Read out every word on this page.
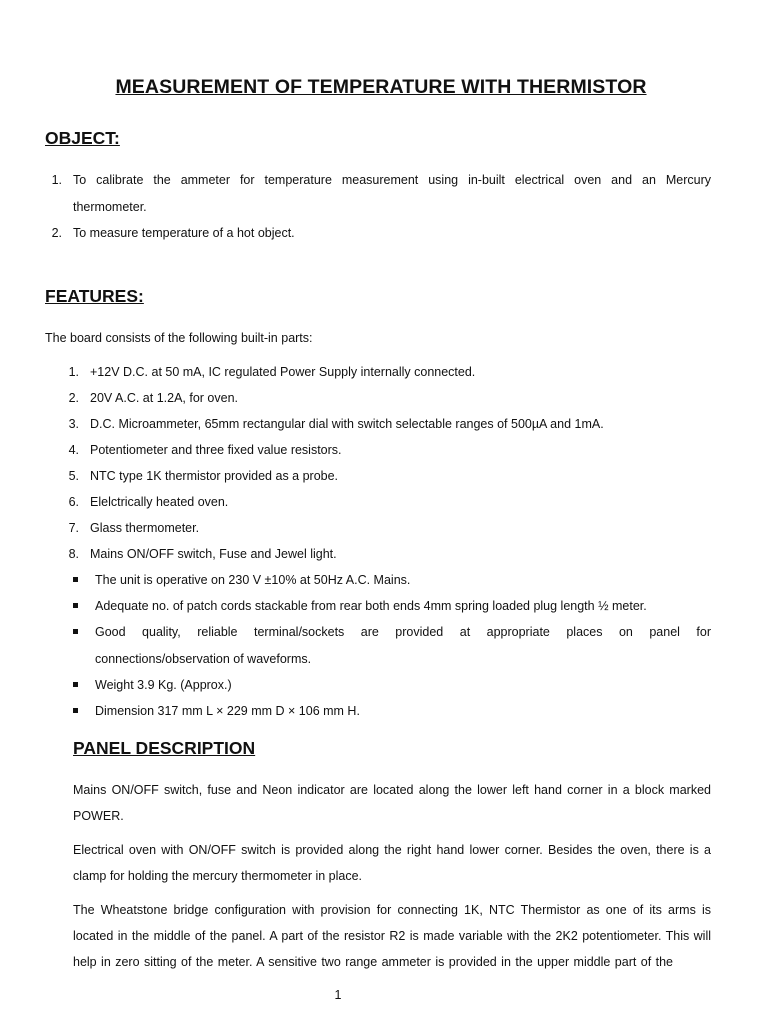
MEASUREMENT OF TEMPERATURE WITH THERMISTOR
OBJECT:
1. To calibrate the ammeter for temperature measurement using in-built electrical oven and an Mercury
thermometer.
2. To measure temperature of a hot object.
FEATURES:
The board consists of the following built-in parts:
1. +12V D.C. at 50 mA, IC regulated Power Supply internally connected.
2. 20V A.C. at 1.2A, for oven.
3. D.C. Microammeter, 65mm rectangular dial with switch selectable ranges of 500µA and 1mA.
4. Potentiometer and three fixed value resistors.
5. NTC type 1K thermistor provided as a probe.
6. Elelctrically heated oven.
7. Glass thermometer.
8. Mains ON/OFF switch, Fuse and Jewel light.
The unit is operative on 230 V ±10% at 50Hz A.C. Mains.
Adequate no. of patch cords stackable from rear both ends 4mm spring loaded plug length ½ meter.
Good quality, reliable terminal/sockets are provided at appropriate places on panel for
connections/observation of waveforms.
Weight 3.9 Kg. (Approx.)
Dimension 317 mm L × 229 mm D × 106 mm H.
PANEL DESCRIPTION
Mains ON/OFF switch, fuse and Neon indicator are located along the lower left hand corner in a block marked
POWER.
Electrical oven with ON/OFF switch is provided along the right hand lower corner. Besides the oven, there is a
clamp for holding the mercury thermometer in place.
The Wheatstone bridge configuration with provision for connecting 1K, NTC Thermistor as one of its arms is
located in the middle of the panel. A part of the resistor R2 is made variable with the 2K2 potentiometer. This will
help in zero sitting of the meter. A sensitive two range ammeter is provided in the upper middle part of the
1
